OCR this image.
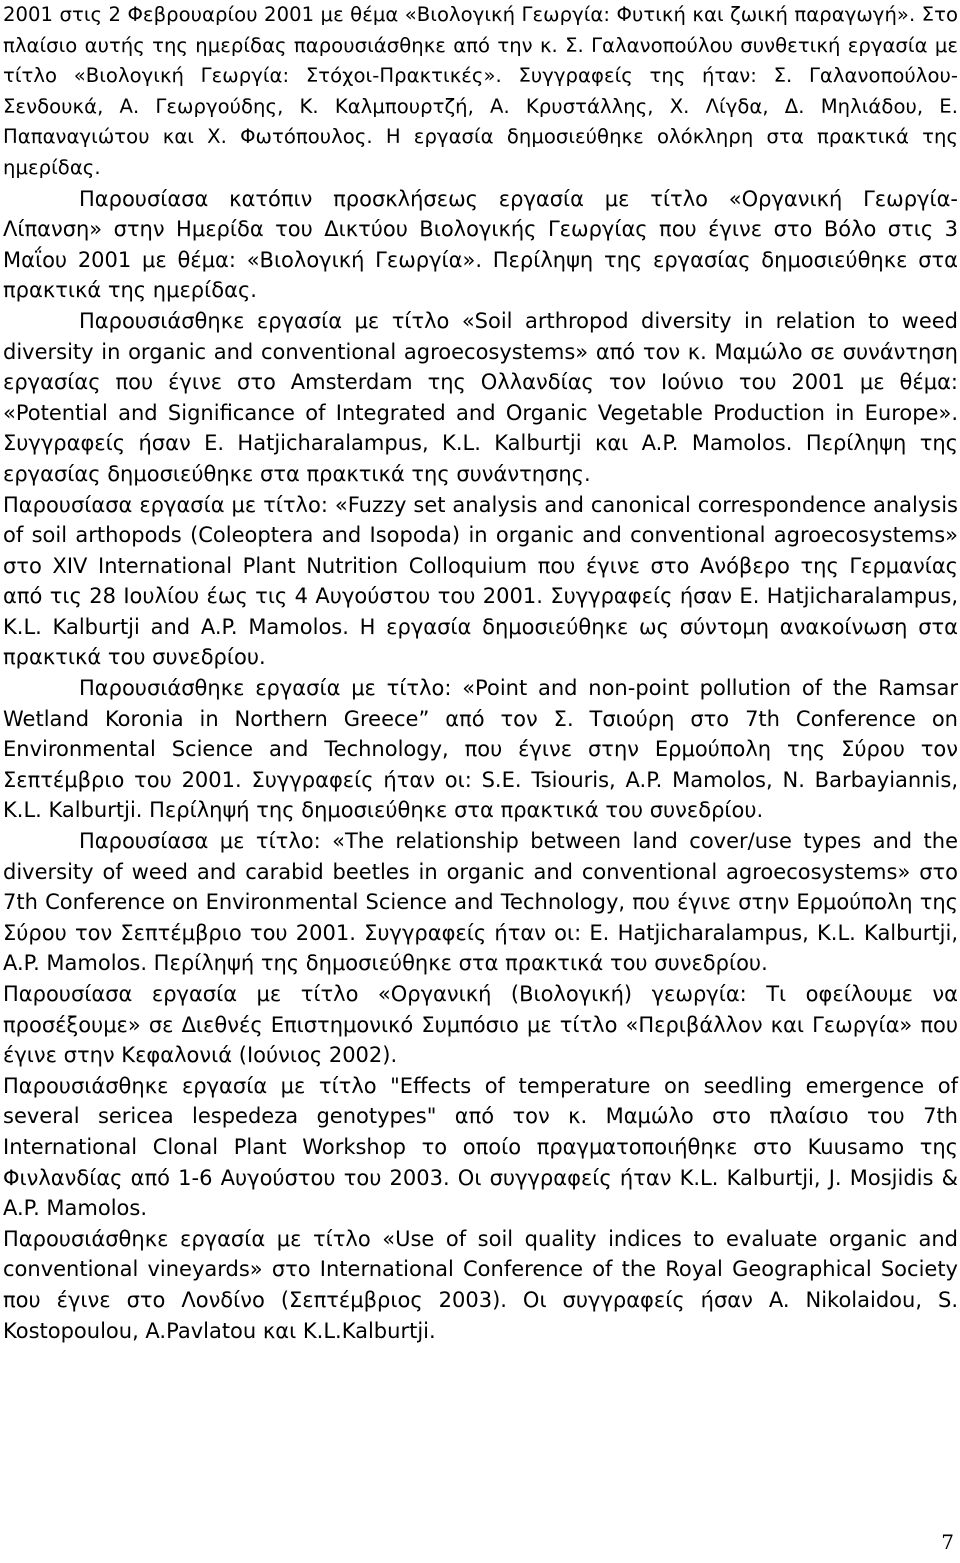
2001 στις 2 Φεβρουαρίου 2001 με θέμα «Βιολογική Γεωργία: Φυτική και ζωική παραγωγή». Στο πλαίσιο αυτής της ημερίδας παρουσιάσθηκε από την κ. Σ. Γαλανοπούλου συνθετική εργασία με τίτλο «Βιολογική Γεωργία: Στόχοι-Πρακτικές». Συγγραφείς της ήταν: Σ. Γαλανοπούλου-Σενδουκά, Α. Γεωργούδης, Κ. Καλμπουρτζή, Α. Κρυστάλλης, Χ. Λίγδα, Δ. Μηλιάδου, Ε. Παπαναγιώτου και Χ. Φωτόπουλος. Η εργασία δημοσιεύθηκε ολόκληρη στα πρακτικά της ημερίδας.

Παρουσίασα κατόπιν προσκλήσεως εργασία με τίτλο «Οργανική Γεωργία-Λίπανση» στην Ημερίδα του Δικτύου Βιολογικής Γεωργίας που έγινε στο Βόλο στις 3 Μαΐου 2001 με θέμα: «Βιολογική Γεωργία». Περίληψη της εργασίας δημοσιεύθηκε στα πρακτικά της ημερίδας.

Παρουσιάσθηκε εργασία με τίτλο «Soil arthropod diversity in relation to weed diversity in organic and conventional agroecosystems» από τον κ. Μαμώλο σε συνάντηση εργασίας που έγινε στο Amsterdam της Ολλανδίας τον Ιούνιο του 2001 με θέμα: «Potential and Significance of Integrated and Organic Vegetable Production in Europe». Συγγραφείς ήσαν E. Hatjicharalampus, K.L. Kalburtji και A.P. Mamolos. Περίληψη της εργασίας δημοσιεύθηκε στα πρακτικά της συνάντησης.

Παρουσίασα εργασία με τίτλο: «Fuzzy set analysis and canonical correspondence analysis of soil arthopods (Coleoptera and Isopoda) in organic and conventional agroecosystems» στο XIV International Plant Nutrition Colloquium που έγινε στο Ανόβερο της Γερμανίας από τις 28 Ιουλίου έως τις 4 Αυγούστου του 2001. Συγγραφείς ήσαν E. Hatjicharalampus, K.L. Kalburtji and A.P. Mamolos. Η εργασία δημοσιεύθηκε ως σύντομη ανακοίνωση στα πρακτικά του συνεδρίου.

Παρουσιάσθηκε εργασία με τίτλο: «Point and non-point pollution of the Ramsar Wetland Koronia in Northern Greece” από τον Σ. Τσιούρη στο 7th Conference on Environmental Science and Technology, που έγινε στην Ερμούπολη της Σύρου τον Σεπτέμβριο του 2001. Συγγραφείς ήταν οι: S.E. Tsiouris, A.P. Mamolos, N. Barbayiannis, K.L. Kalburtji. Περίληψή της δημοσιεύθηκε στα πρακτικά του συνεδρίου.

Παρουσίασα με τίτλο: «The relationship between land cover/use types and the diversity of weed and carabid beetles in organic and conventional agroecosystems» στο 7th Conference on Environmental Science and Technology, που έγινε στην Ερμούπολη της Σύρου τον Σεπτέμβριο του 2001. Συγγραφείς ήταν οι: E. Hatjicharalampus, K.L. Kalburtji, A.P. Mamolos. Περίληψή της δημοσιεύθηκε στα πρακτικά του συνεδρίου.

Παρουσίασα εργασία με τίτλο «Οργανική (Βιολογική) γεωργία: Τι οφείλουμε να προσέξουμε» σε Διεθνές Επιστημονικό Συμπόσιο με τίτλο «Περιβάλλον και Γεωργία» που έγινε στην Κεφαλονιά (Ιούνιος 2002).

Παρουσιάσθηκε εργασία με τίτλο "Effects of temperature on seedling emergence of several sericea lespedeza genotypes" από τον κ. Μαμώλο στο πλαίσιο του 7th International Clonal Plant Workshop το οποίο πραγματοποιήθηκε στο Kuusamo της Φινλανδίας από 1-6 Αυγούστου του 2003. Οι συγγραφείς ήταν K.L. Kalburtji, J. Mosjidis & A.P. Mamolos.

Παρουσιάσθηκε εργασία με τίτλο «Use of soil quality indices to evaluate organic and conventional vineyards» στο International Conference of the Royal Geographical Society που έγινε στο Λονδίνο (Σεπτέμβριος 2003). Οι συγγραφείς ήσαν A. Nikolaidou, S. Kostopoulou, A.Pavlatou και K.L.Kalburtji.

7
